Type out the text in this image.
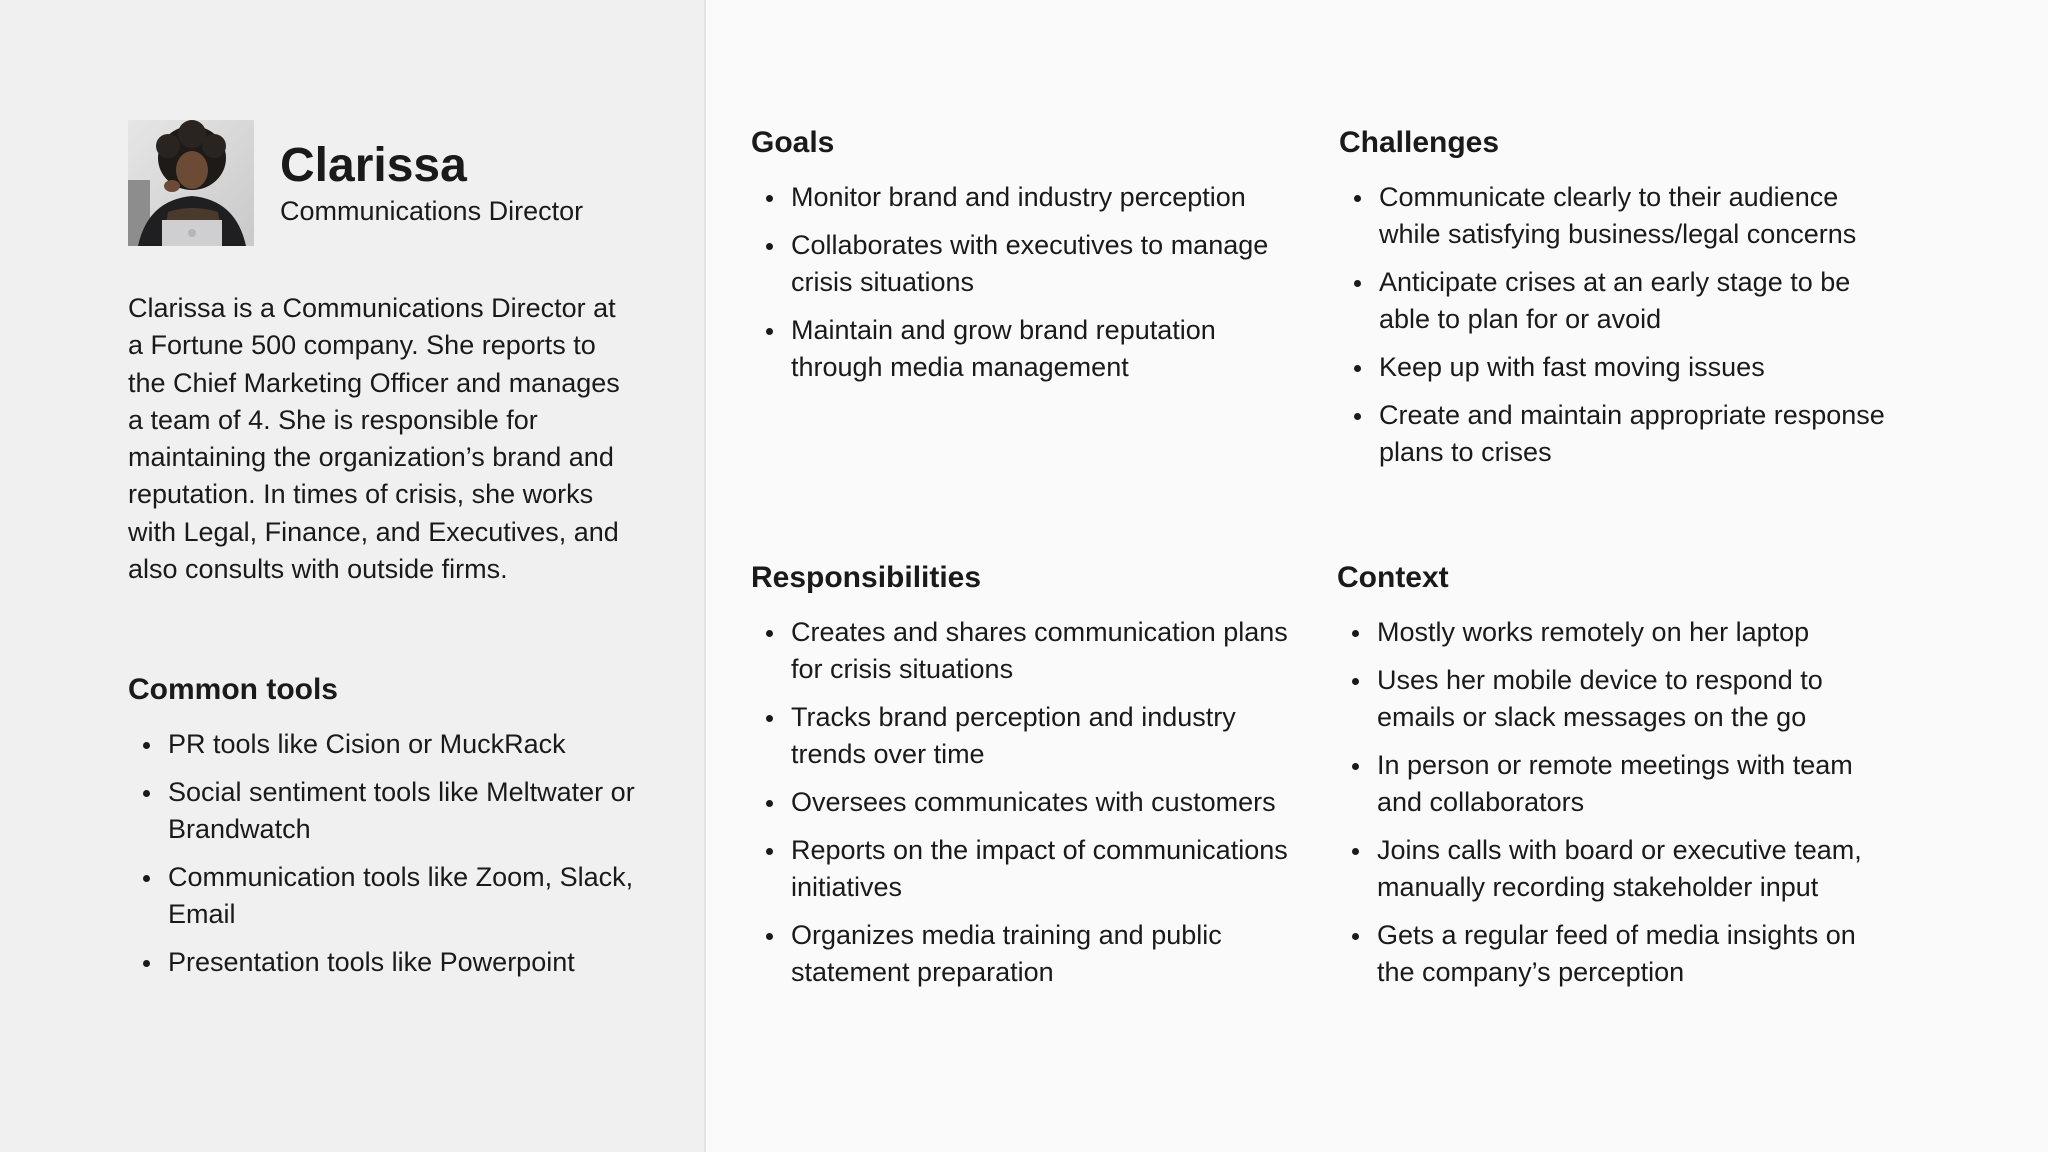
Clarissa
Communications Director

Clarissa is a Communications Director at a Fortune 500 company. She reports to the Chief Marketing Officer and manages a team of 4. She is responsible for maintaining the organization’s brand and reputation. In times of crisis, she works with Legal, Finance, and Executives, and also consults with outside firms.

Common tools
PR tools like Cision or MuckRack
Social sentiment tools like Meltwater or Brandwatch
Communication tools like Zoom, Slack, Email
Presentation tools like Powerpoint
Goals
Monitor brand and industry perception
Collaborates with executives to manage crisis situations
Maintain and grow brand reputation through media management
Challenges
Communicate clearly to their audience while satisfying business/legal concerns
Anticipate crises at an early stage to be able to plan for or avoid
Keep up with fast moving issues
Create and maintain appropriate response plans to crises
Responsibilities
Creates and shares communication plans for crisis situations
Tracks brand perception and industry trends over time
Oversees communicates with customers
Reports on the impact of communications initiatives
Organizes media training and public statement preparation
Context
Mostly works remotely on her laptop
Uses her mobile device to respond to emails or slack messages on the go
In person or remote meetings with team and collaborators
Joins calls with board or executive team, manually recording stakeholder input
Gets a regular feed of media insights on the company’s perception
